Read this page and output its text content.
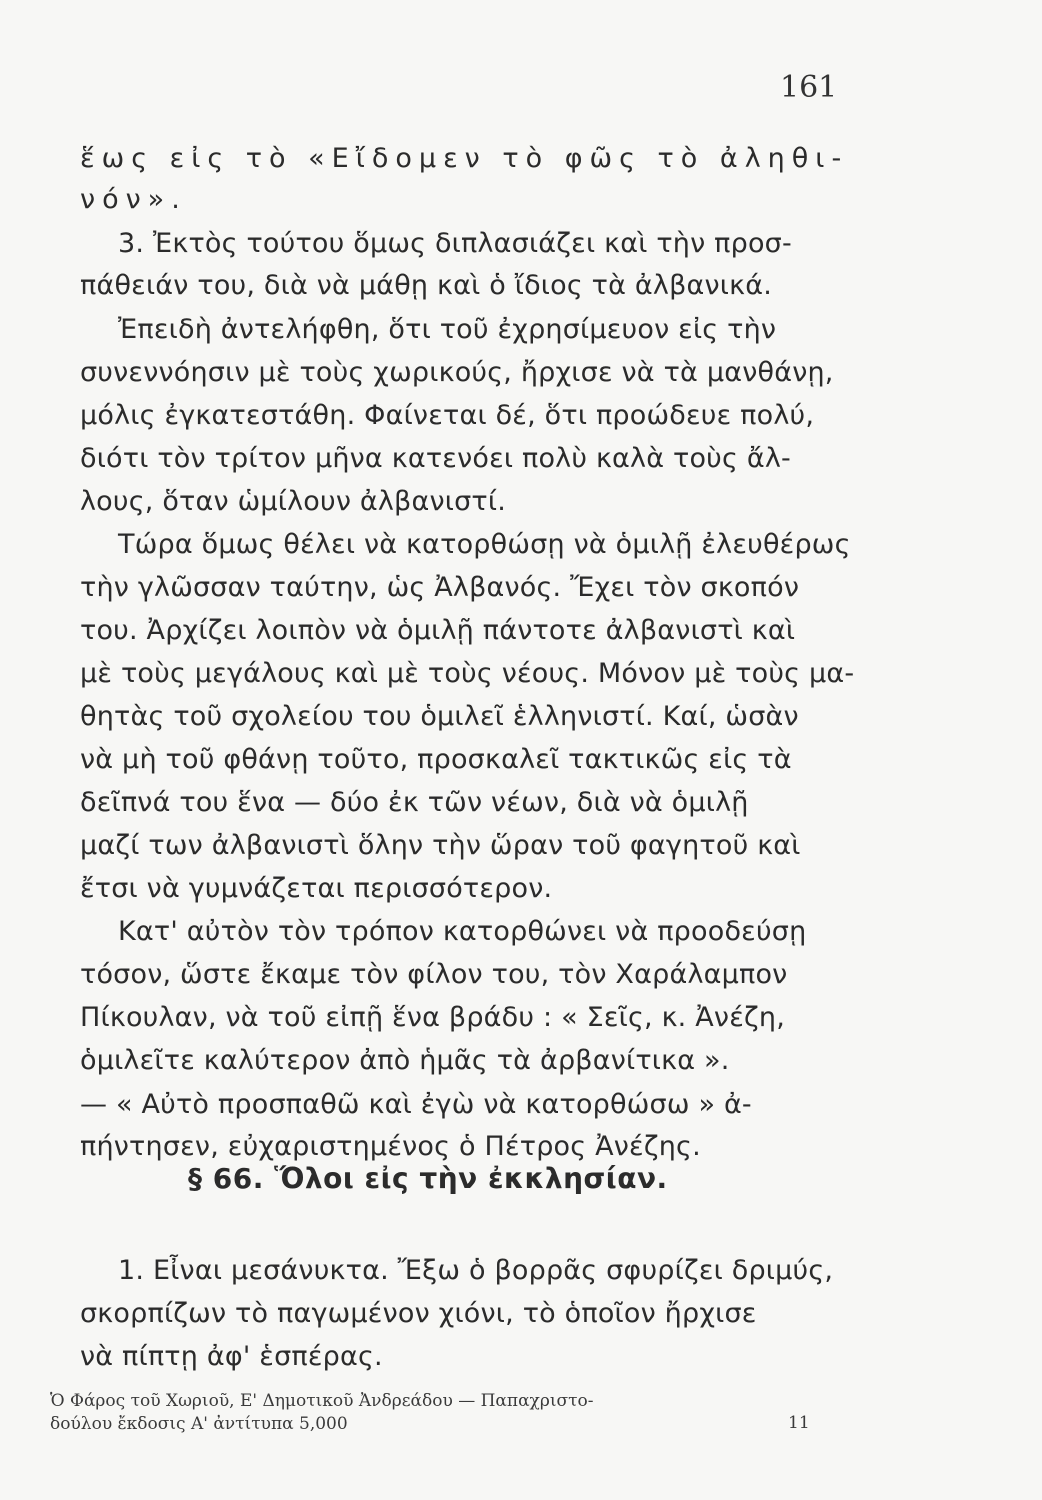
161
ἕως εἰς τὸ «Εἴδομεν τὸ φῶς τὸ ἀληθι-
νόν».
3. Ἐκτὸς τούτου ὅμως διπλασιάζει καὶ τὴν προσ-
πάθειάν του, διὰ νὰ μάθῃ καὶ ὁ ἴδιος τὰ ἀλβανικά.
Ἐπειδὴ ἀντελήφθη, ὅτι τοῦ ἐχρησίμευον εἰς τὴν
συνεννόησιν μὲ τοὺς χωρικούς, ἤρχισε νὰ τὰ μανθάνῃ,
μόλις ἐγκατεστάθη. Φαίνεται δέ, ὅτι προώδευε πολύ,
διότι τὸν τρίτον μῆνα κατενόει πολὺ καλὰ τοὺς ἄλ-
λους, ὅταν ὡμίλουν ἀλβανιστί.
Τώρα ὅμως θέλει νὰ κατορθώσῃ νὰ ὁμιλῇ ἐλευθέρως
τὴν γλῶσσαν ταύτην, ὡς Ἀλβανός. Ἔχει τὸν σκοπόν
του. Ἀρχίζει λοιπὸν νὰ ὁμιλῇ πάντοτε ἀλβανιστὶ καὶ
μὲ τοὺς μεγάλους καὶ μὲ τοὺς νέους. Μόνον μὲ τοὺς μα-
θητὰς τοῦ σχολείου του ὁμιλεῖ ἑλληνιστί. Καί, ὡσὰν
νὰ μὴ τοῦ φθάνῃ τοῦτο, προσκαλεῖ τακτικῶς εἰς τὰ
δεῖπνά του ἕνα — δύο ἐκ τῶν νέων, διὰ νὰ ὁμιλῇ
μαζί των ἀλβανιστὶ ὅλην τὴν ὥραν τοῦ φαγητοῦ καὶ
ἔτσι νὰ γυμνάζεται περισσότερον.
Κατ' αὐτὸν τὸν τρόπον κατορθώνει νὰ προοδεύσῃ
τόσον, ὥστε ἔκαμε τὸν φίλον του, τὸν Χαράλαμπον
Πίκουλαν, νὰ τοῦ εἰπῇ ἕνα βράδυ : « Σεῖς, κ. Ἀνέζη,
ὁμιλεῖτε καλύτερον ἀπὸ ἡμᾶς τὰ ἀρβανίτικα ».
— « Αὐτὸ προσπαθῶ καὶ ἐγὼ νὰ κατορθώσω » ἀ-
πήντησεν, εὐχαριστημένος ὁ Πέτρος Ἀνέζης.
§ 66. Ὅλοι εἰς τὴν ἐκκλησίαν.
1. Εἶναι μεσάνυκτα. Ἔξω ὁ βορρᾶς σφυρίζει δριμύς,
σκορπίζων τὸ παγωμένον χιόνι, τὸ ὁποῖον ἤρχισε
νὰ πίπτῃ ἀφ' ἑσπέρας.
Ὁ Φάρος τοῦ Χωριοῦ, Ε' Δημοτικοῦ Ἀνδρεάδου — Παπαχριστο-
δούλου ἔκδοσις Α' ἀντίτυπα 5,000	11
